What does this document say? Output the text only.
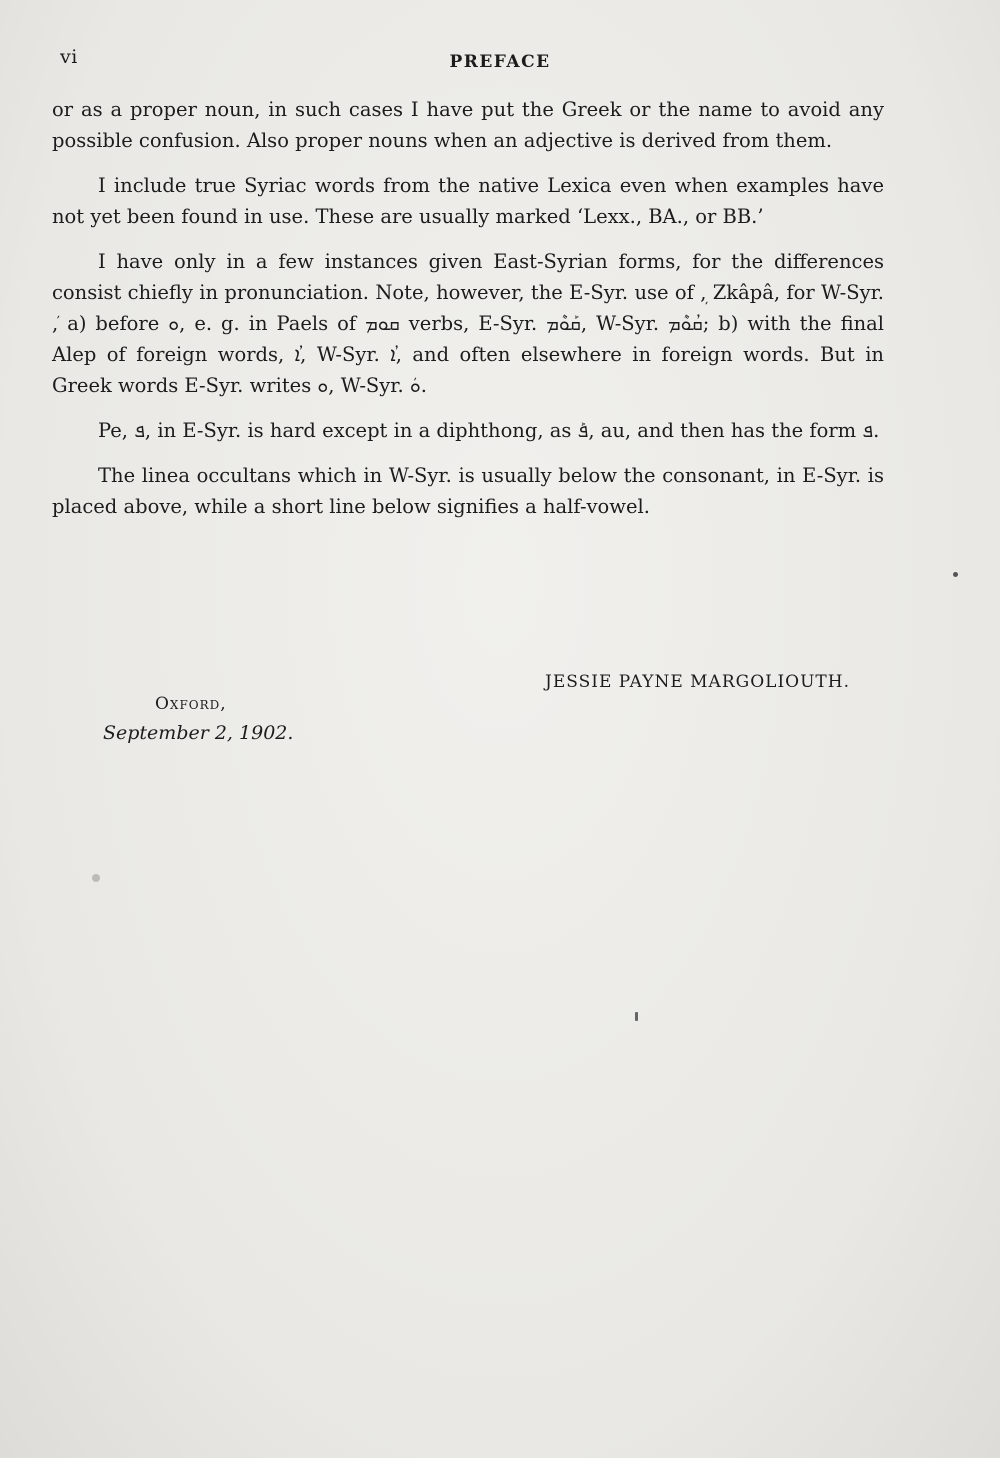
vi	PREFACE

or as a proper noun, in such cases I have put the Greek or the name to avoid any possible confusion. Also proper nouns when an adjective is derived from them.

I include true Syriac words from the native Lexica even when examples have not yet been found in use. These are usually marked ‘Lexx., BA., or BB.’

I have only in a few instances given East-Syrian forms, for the differences consist chiefly in pronunciation. Note, however, the E-Syr. use of ܼ, Zkâpâ, for W-Syr. ܿ, a) before ܘ, e. g. in Paels of ܩܘܡ verbs, E-Syr. ܩܰܘܶܡ, W-Syr. ܩܳܘܶܡ; b) with the final Alep of foreign words, ܳܐ, W-Syr. ܳܐ, and often elsewhere in foreign words. But in Greek words E-Syr. writes ܘ, W-Syr. ܘܿ.

Pe, ܦ, in E-Syr. is hard except in a diphthong, as ܰܦ, au, and then has the form ܦ.

The linea occultans which in W-Syr. is usually below the consonant, in E-Syr. is placed above, while a short line below signifies a half-vowel.

JESSIE PAYNE MARGOLIOUTH.
Oxford,
September 2, 1902.
